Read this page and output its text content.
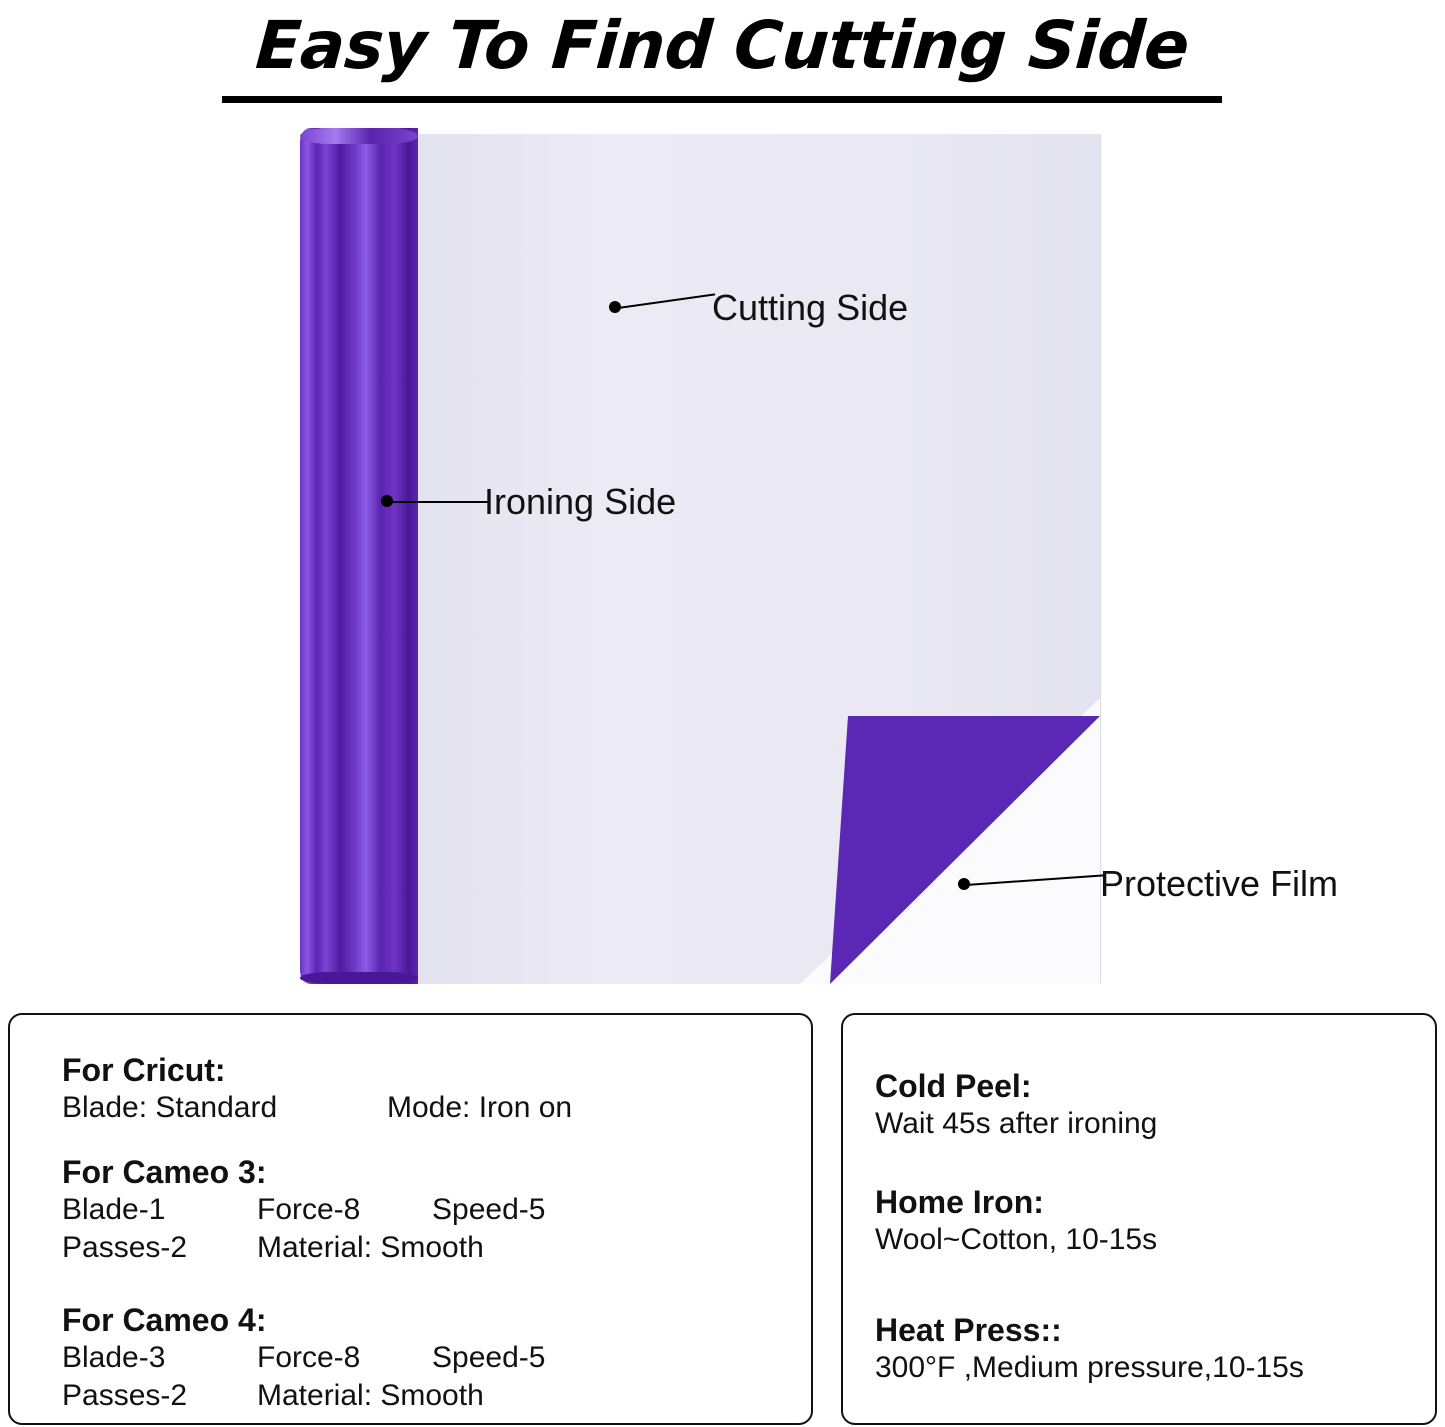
Easy To Find Cutting Side
Cutting Side
Ironing Side
Protective Film
For Cricut:
Blade: Standard	Mode: Iron on
For Cameo 3:
Blade-1	Force-8	Speed-5
Passes-2	Material: Smooth
For Cameo 4:
Blade-3	Force-8	Speed-5
Passes-2	Material: Smooth
Cold Peel:
Wait 45s after ironing
Home Iron:
Wool~Cotton, 10-15s
Heat Press::
300°F ,Medium pressure,10-15s
